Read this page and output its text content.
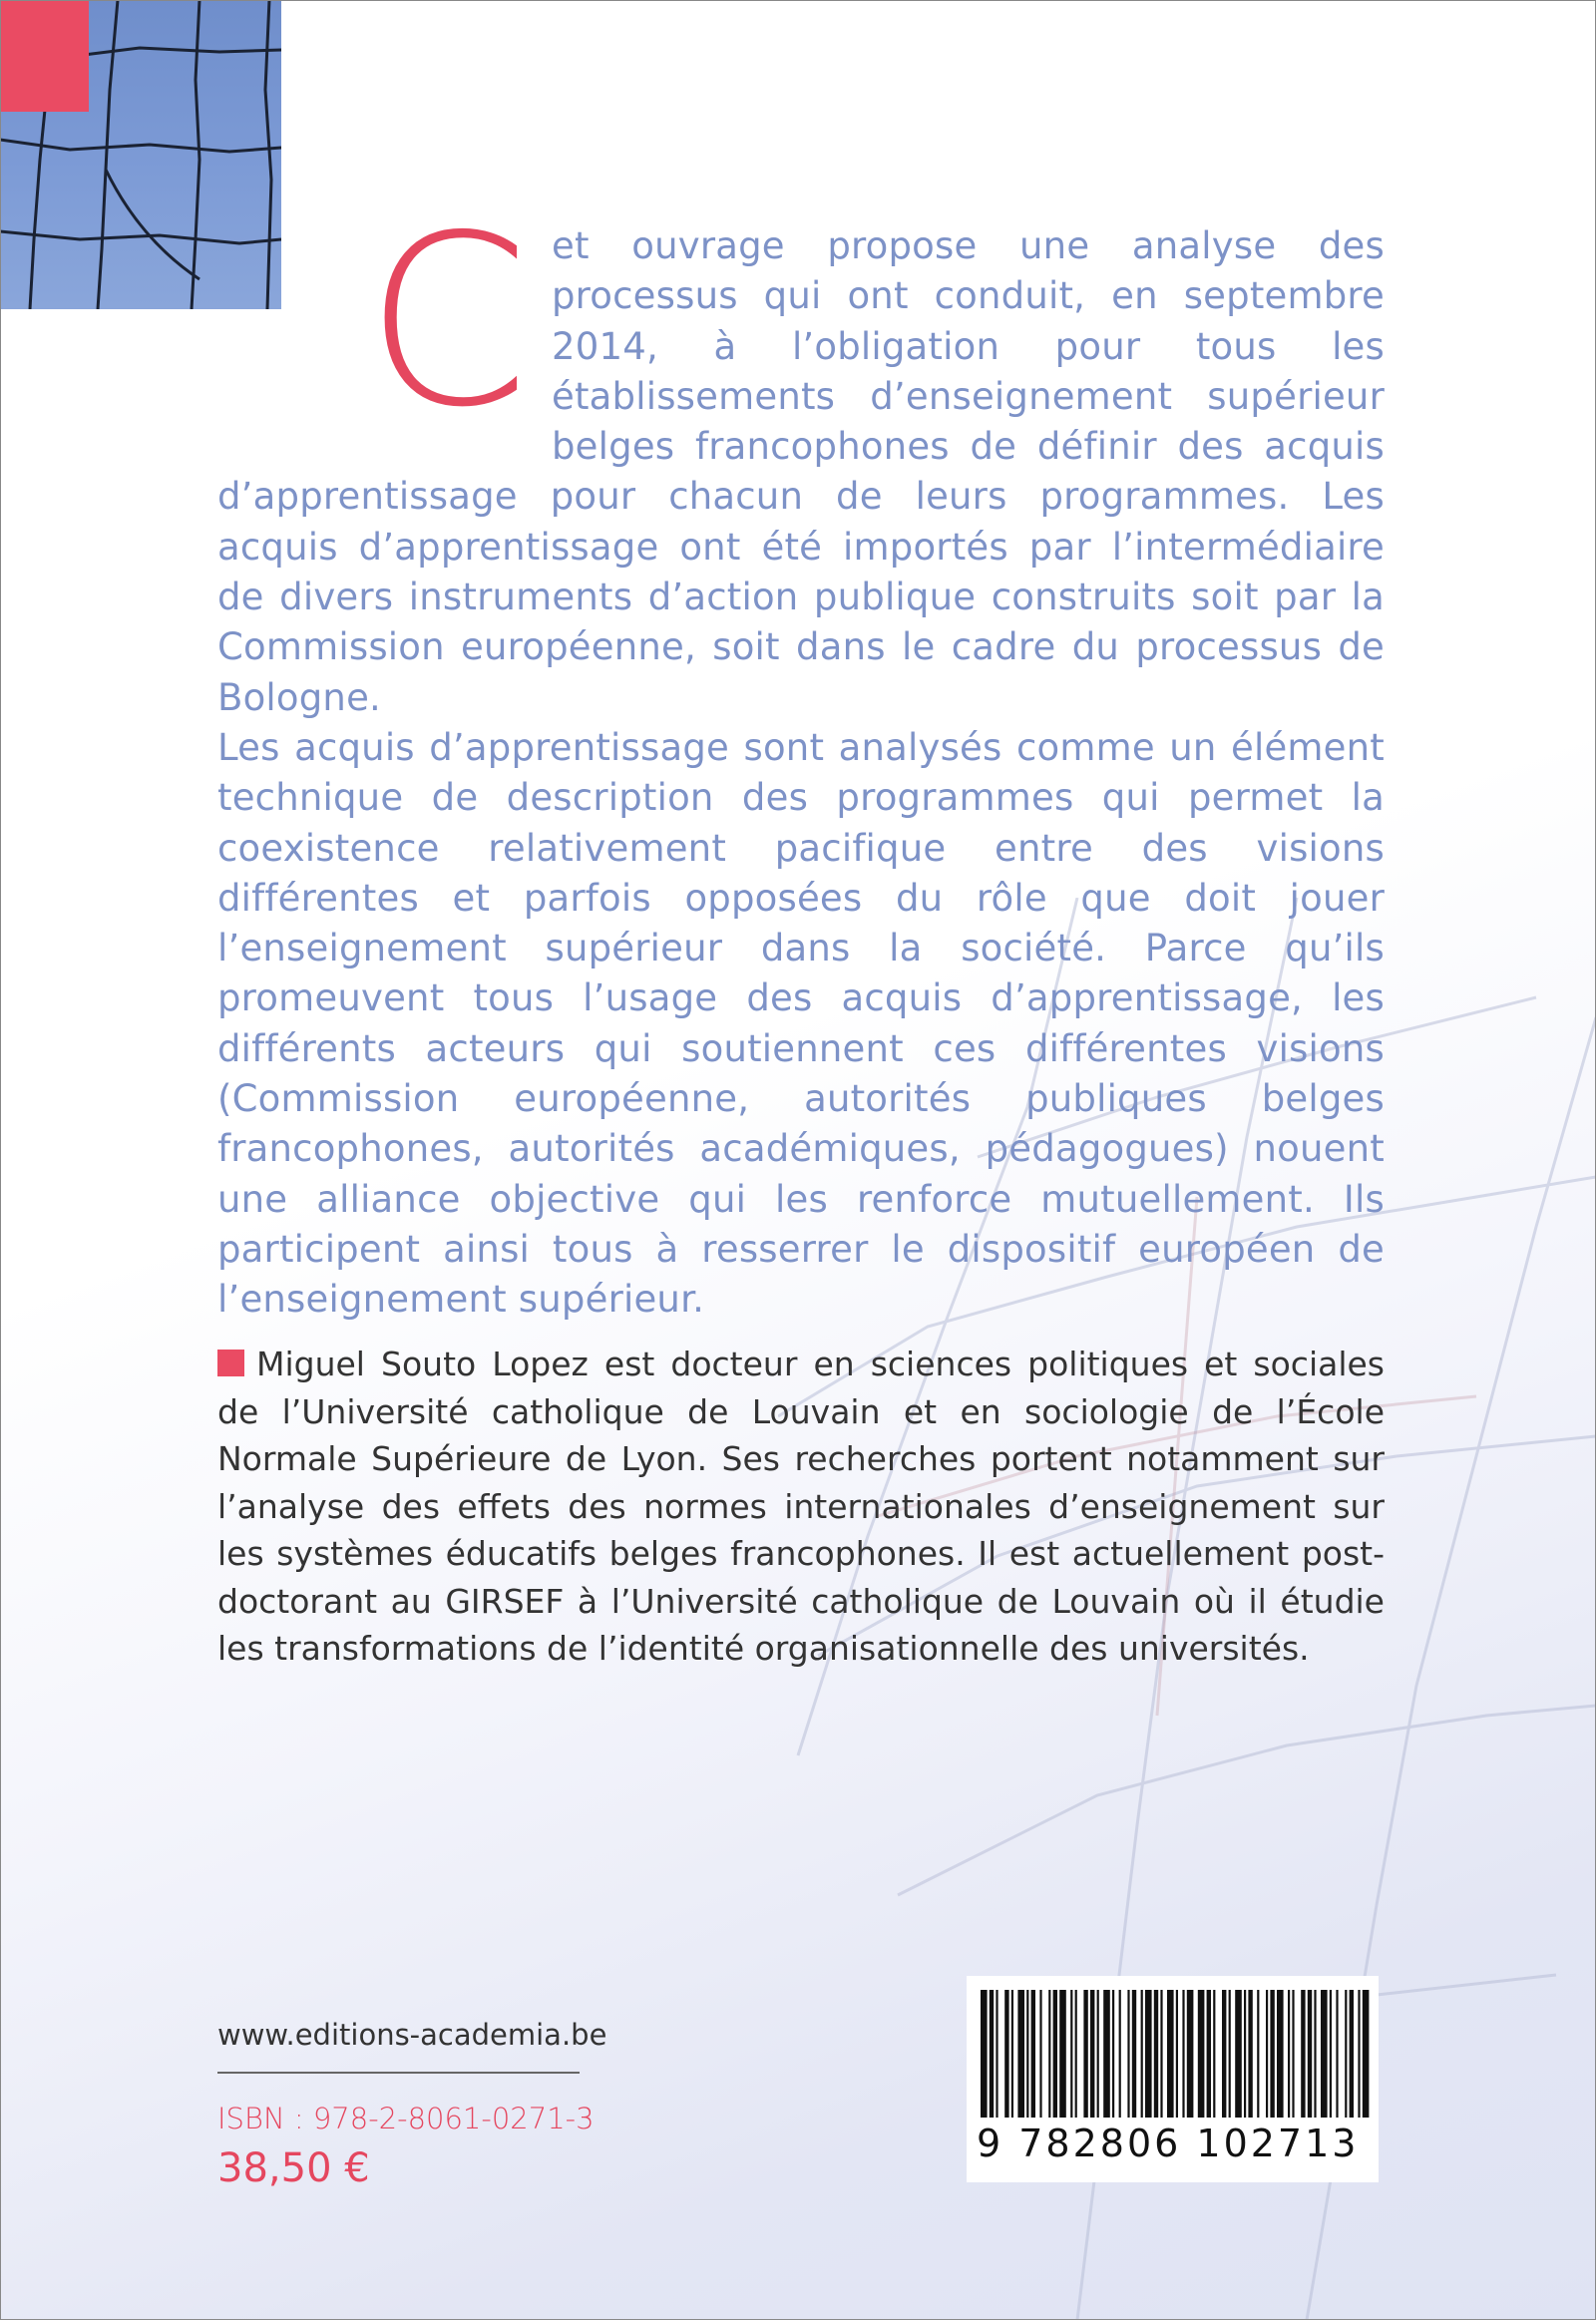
C et ouvrage propose une analyse des processus qui ont conduit, en septembre 2014, à l’obligation pour tous les établissements d’enseignement supérieur belges francophones de définir des acquis d’apprentissage pour chacun de leurs programmes. Les acquis d’apprentissage ont été importés par l’intermédiaire de divers instruments d’action publique construits soit par la Commission européenne, soit dans le cadre du processus de Bologne.

Les acquis d’apprentissage sont analysés comme un élément technique de description des programmes qui permet la coexistence relativement pacifique entre des visions différentes et parfois opposées du rôle que doit jouer l’enseignement supérieur dans la société. Parce qu’ils promeuvent tous l’usage des acquis d’apprentissage, les différents acteurs qui soutiennent ces différentes visions (Commission européenne, autorités publiques belges francophones, autorités académiques, pédagogues) nouent une alliance objective qui les renforce mutuellement. Ils participent ainsi tous à resserrer le dispositif européen de l’enseignement supérieur.

Miguel Souto Lopez est docteur en sciences politiques et sociales de l’Université catholique de Louvain et en sociologie de l’École Normale Supérieure de Lyon. Ses recherches portent notamment sur l’analyse des effets des normes internationales d’enseignement sur les systèmes éducatifs belges francophones. Il est actuellement post-doctorant au GIRSEF à l’Université catholique de Louvain où il étudie les transformations de l’identité organisationnelle des universités.
www.editions-academia.be
ISBN : 978-2-8061-0271-3
38,50 €
9 782806 102713
